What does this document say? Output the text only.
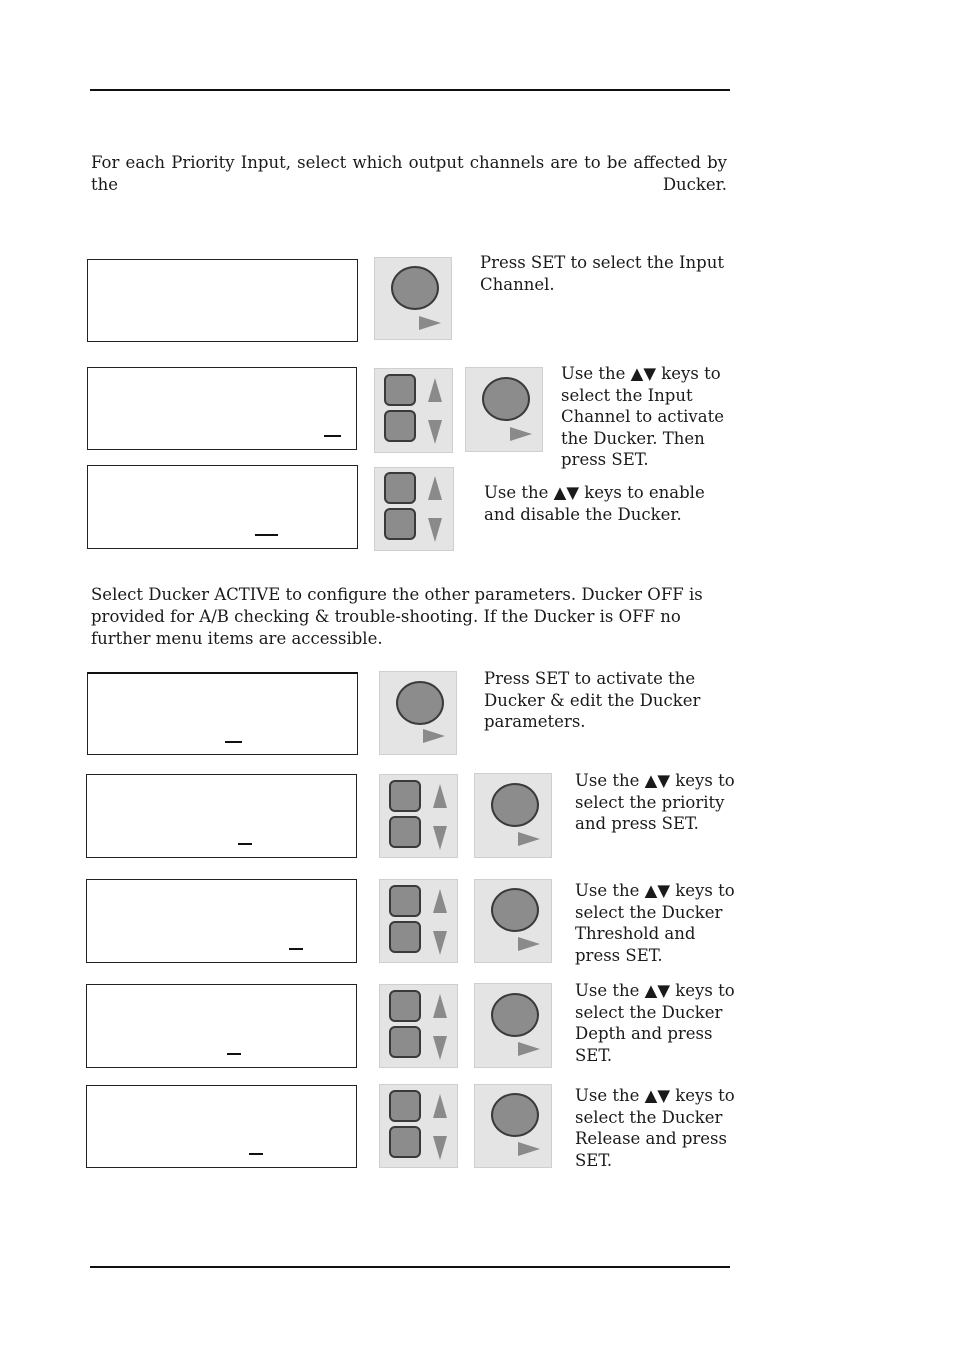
For each Priority Input, select which output channels are to be affected by the Ducker.
Press SET to select the Input Channel.
Use the ▲▼ keys to select the Input Channel to activate the Ducker. Then press SET.
Use the ▲▼ keys to enable and disable the Ducker.
Select Ducker ACTIVE to configure the other parameters. Ducker OFF is provided for A/B checking & trouble-shooting. If the Ducker is OFF no further menu items are accessible.
Press SET to activate the Ducker & edit the Ducker parameters.
Use the ▲▼ keys to select the priority and press SET.
Use the ▲▼ keys to select the Ducker Threshold and press SET.
Use the ▲▼ keys to select the Ducker Depth and press SET.
Use the ▲▼ keys to select the Ducker Release and press SET.
